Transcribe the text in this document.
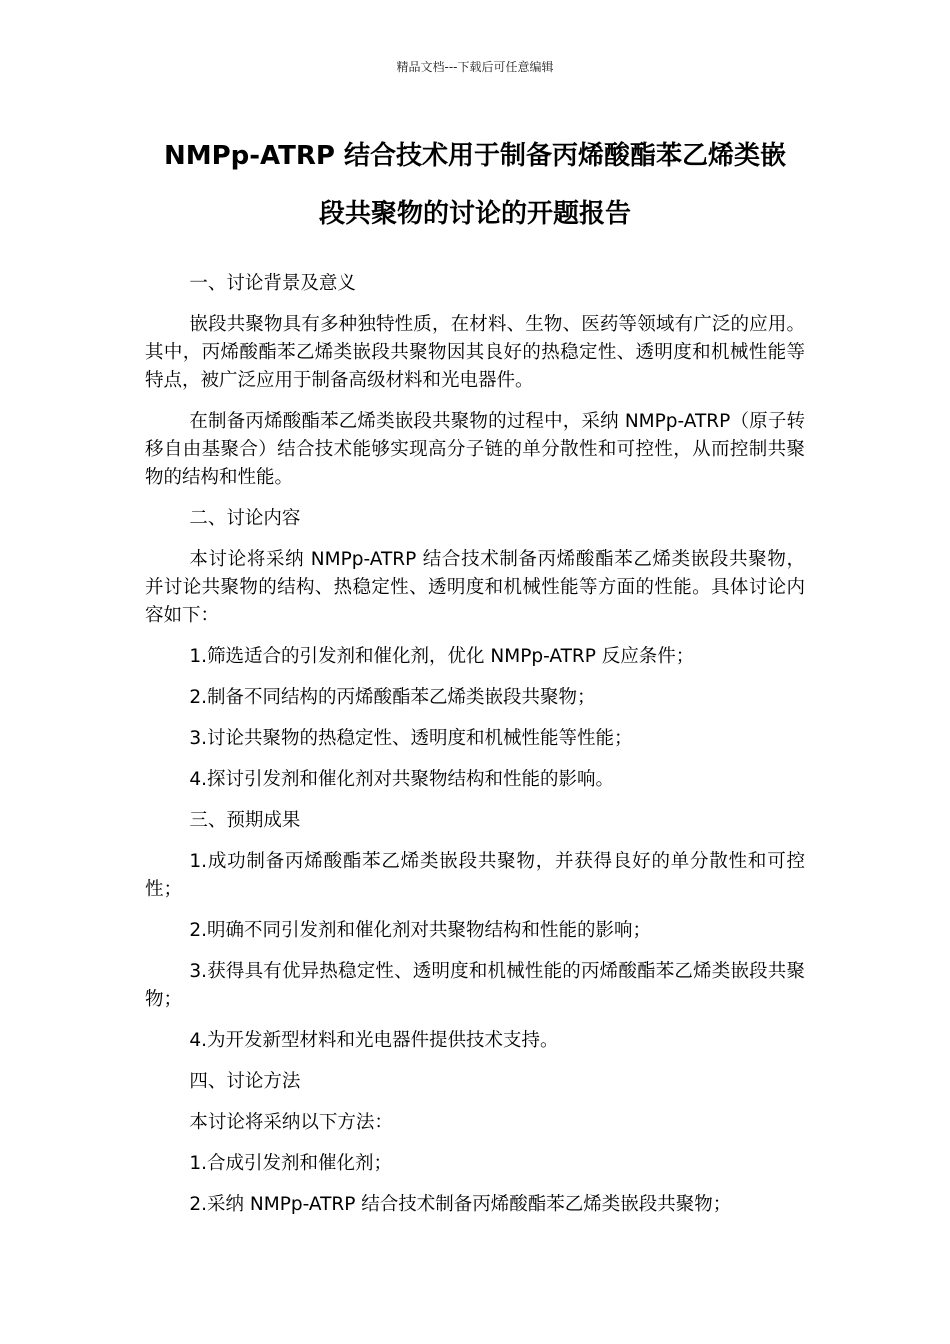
精品文档---下载后可任意编辑
NMPp-ATRP 结合技术用于制备丙烯酸酯苯乙烯类嵌
段共聚物的讨论的开题报告

一、讨论背景及意义

嵌段共聚物具有多种独特性质，在材料、生物、医药等领域有广泛的应用。其中，丙烯酸酯苯乙烯类嵌段共聚物因其良好的热稳定性、透明度和机械性能等特点，被广泛应用于制备高级材料和光电器件。

在制备丙烯酸酯苯乙烯类嵌段共聚物的过程中，采纳 NMPp-ATRP（原子转移自由基聚合）结合技术能够实现高分子链的单分散性和可控性，从而控制共聚物的结构和性能。

二、讨论内容

本讨论将采纳 NMPp-ATRP 结合技术制备丙烯酸酯苯乙烯类嵌段共聚物，并讨论共聚物的结构、热稳定性、透明度和机械性能等方面的性能。具体讨论内容如下：

1.筛选适合的引发剂和催化剂，优化 NMPp-ATRP 反应条件；

2.制备不同结构的丙烯酸酯苯乙烯类嵌段共聚物；

3.讨论共聚物的热稳定性、透明度和机械性能等性能；

4.探讨引发剂和催化剂对共聚物结构和性能的影响。

三、预期成果

1.成功制备丙烯酸酯苯乙烯类嵌段共聚物，并获得良好的单分散性和可控性；

2.明确不同引发剂和催化剂对共聚物结构和性能的影响；

3.获得具有优异热稳定性、透明度和机械性能的丙烯酸酯苯乙烯类嵌段共聚物；

4.为开发新型材料和光电器件提供技术支持。

四、讨论方法

本讨论将采纳以下方法：

1.合成引发剂和催化剂；

2.采纳 NMPp-ATRP 结合技术制备丙烯酸酯苯乙烯类嵌段共聚物；
